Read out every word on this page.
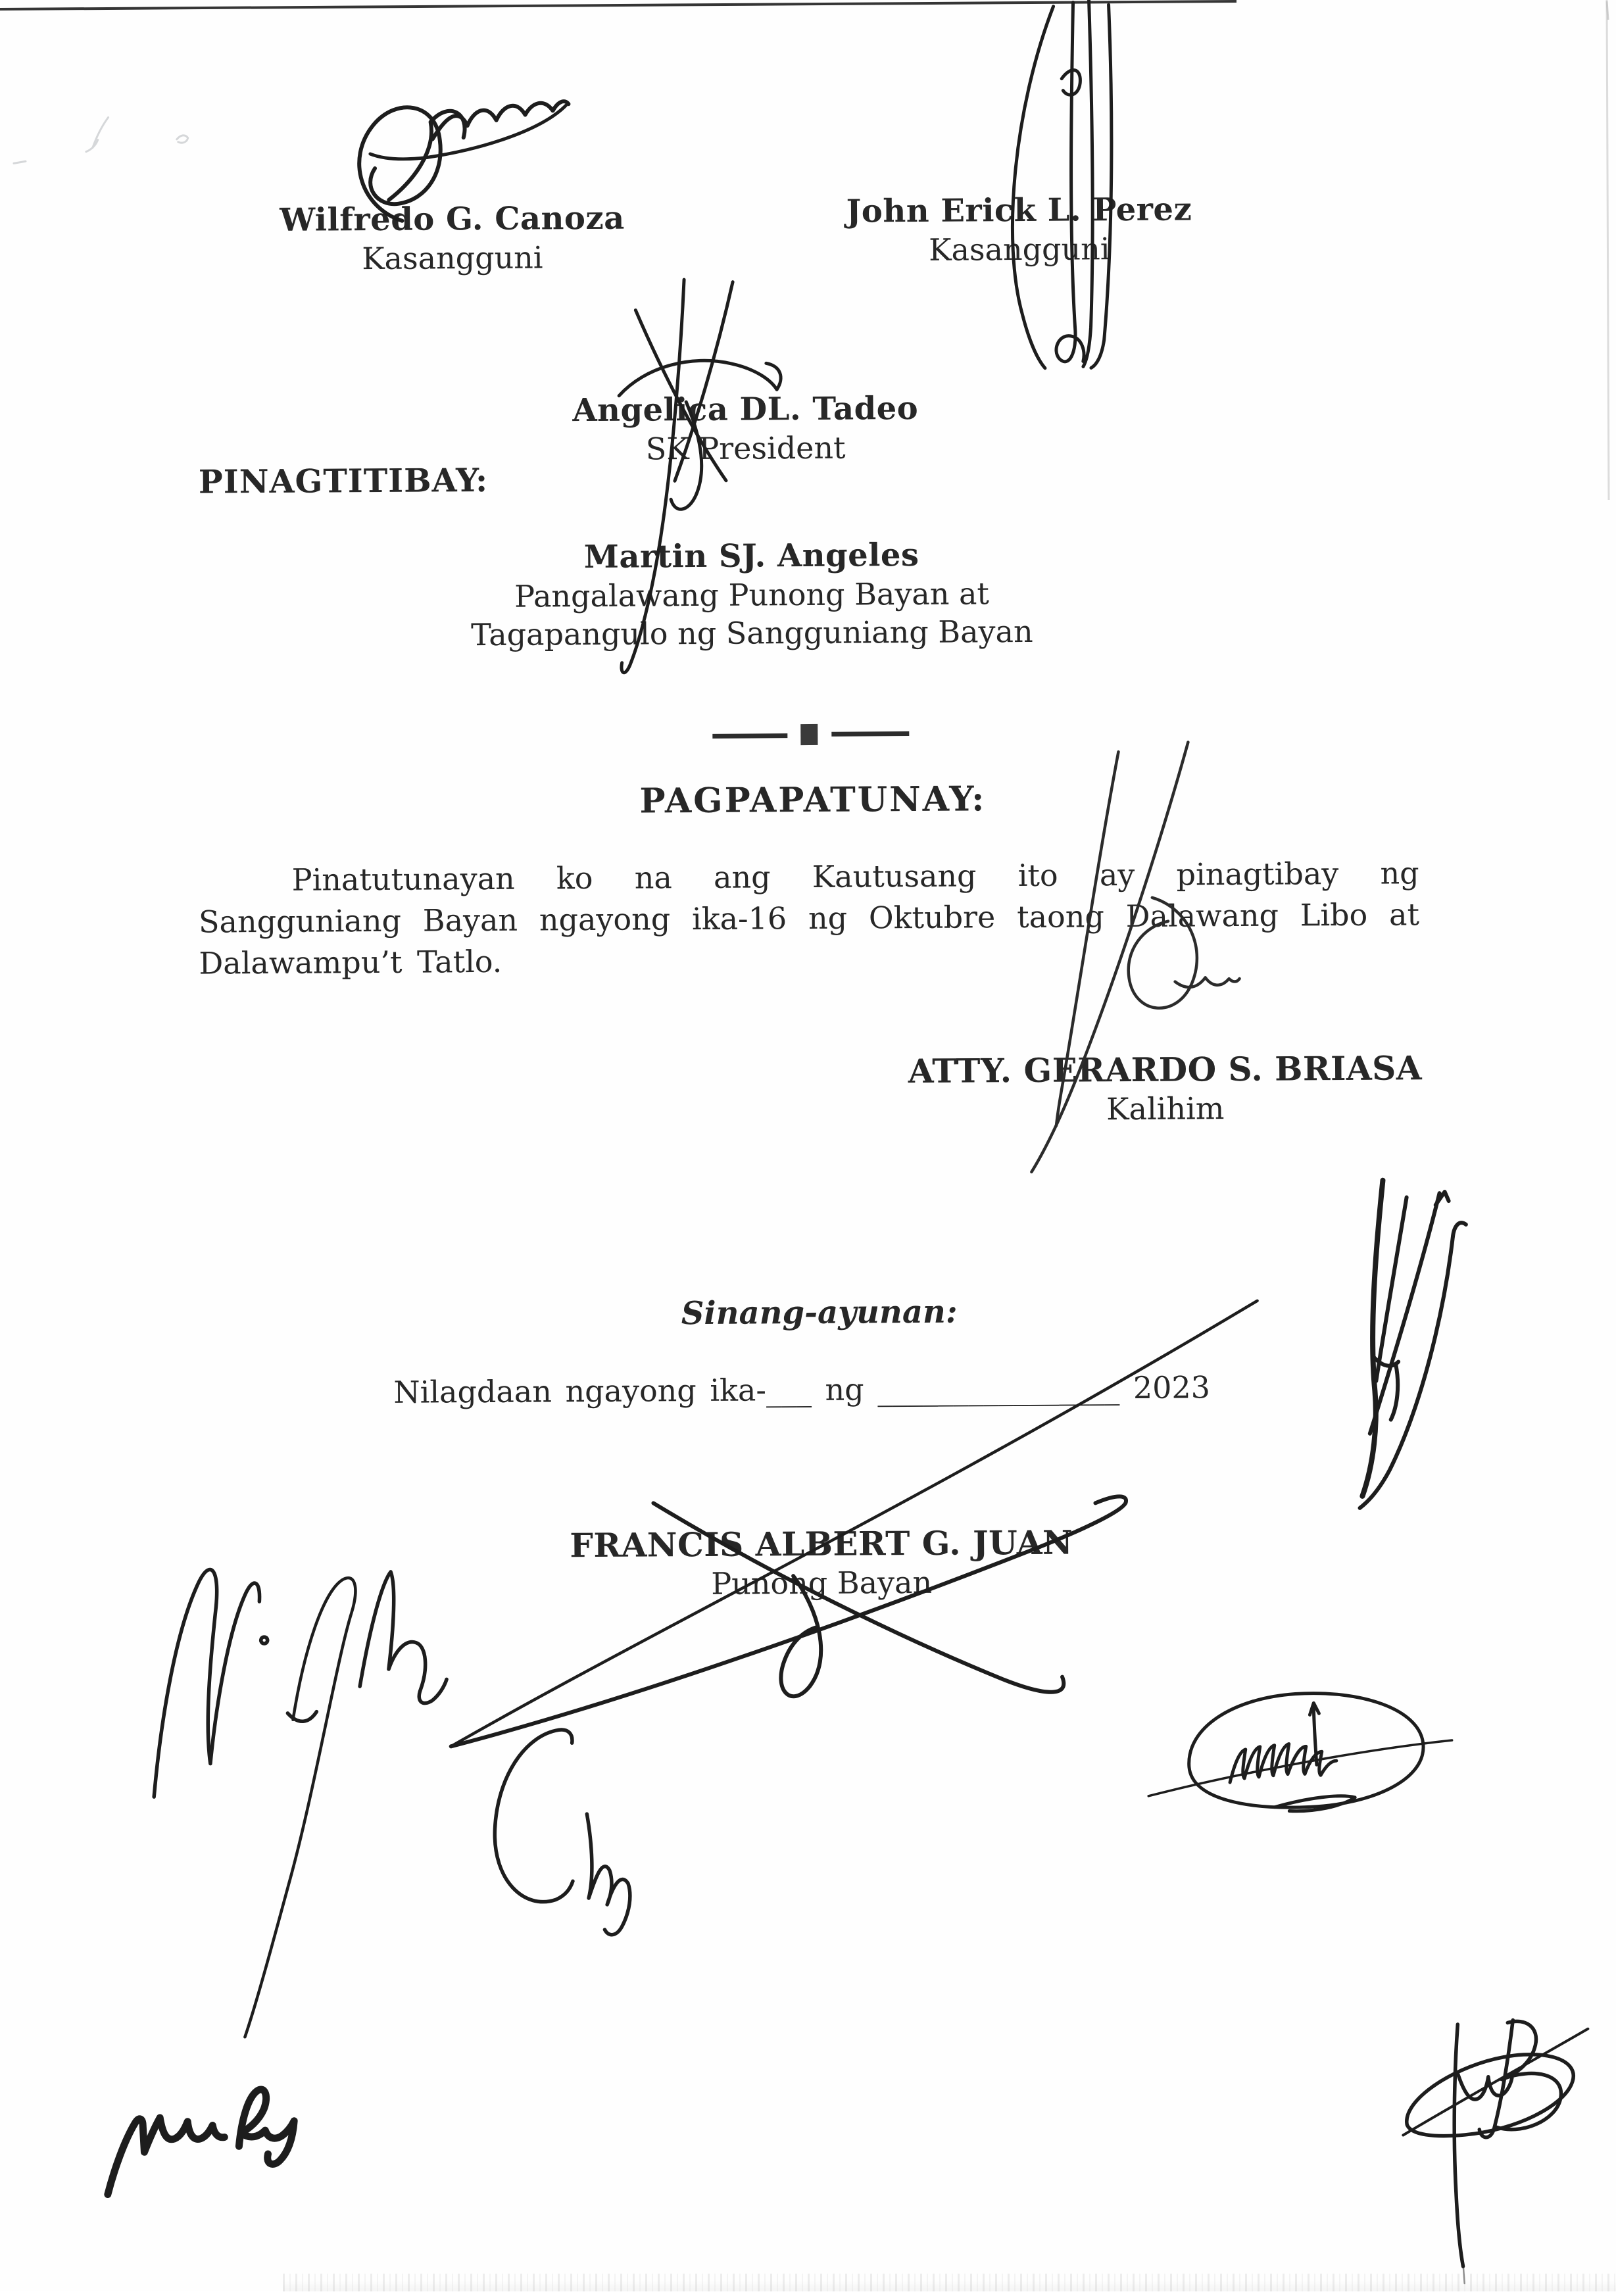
Wilfredo G. Canoza
Kasangguni
John Erick L. Perez
Kasangguni
Angelica DL. Tadeo
SK President
PINAGTITIBAY:
Martin SJ. Angeles
Pangalawang Punong Bayan at
Tagapangulo ng Sangguniang Bayan
PAGPAPATUNAY:
Pinatutunayan ko na ang Kautusang ito ay pinagtibay ng Sangguniang Bayan ngayong ika-16 ng Oktubre taong Dalawang Libo at Dalawampu’t Tatlo.
ATTY. GERARDO S. BRIASA
Kalihim
Sinang-ayunan:
Nilagdaan ngayong ika-___ ng ________________ 2023
FRANCIS ALBERT G. JUAN
Punong Bayan
